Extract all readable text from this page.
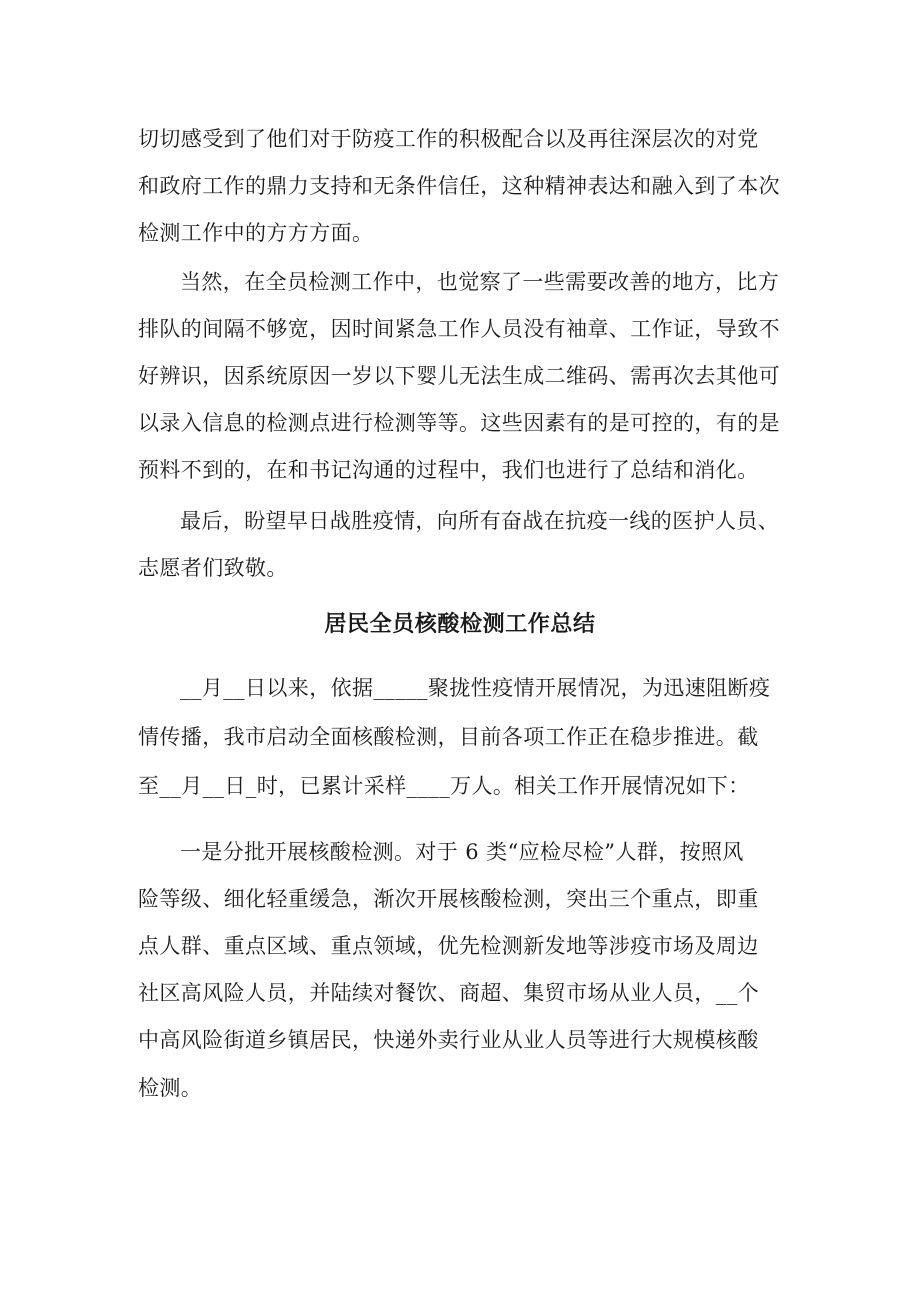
切切感受到了他们对于防疫工作的积极配合以及再往深层次的对党
和政府工作的鼎力支持和无条件信任，这种精神表达和融入到了本次
检测工作中的方方方面。
当然，在全员检测工作中，也觉察了一些需要改善的地方，比方
排队的间隔不够宽，因时间紧急工作人员没有袖章、工作证，导致不
好辨识，因系统原因一岁以下婴儿无法生成二维码、需再次去其他可
以录入信息的检测点进行检测等等。这些因素有的是可控的，有的是
预料不到的，在和书记沟通的过程中，我们也进行了总结和消化。
最后，盼望早日战胜疫情，向所有奋战在抗疫一线的医护人员、
志愿者们致敬。
居民全员核酸检测工作总结
__月__日以来，依据_____聚拢性疫情开展情况，为迅速阻断疫
情传播，我市启动全面核酸检测，目前各项工作正在稳步推进。截
至__月__日_时，已累计采样____万人。相关工作开展情况如下：
一是分批开展核酸检测。对于 6 类“应检尽检”人群，按照风
险等级、细化轻重缓急，渐次开展核酸检测，突出三个重点，即重
点人群、重点区域、重点领域，优先检测新发地等涉疫市场及周边
社区高风险人员，并陆续对餐饮、商超、集贸市场从业人员，__个
中高风险街道乡镇居民，快递外卖行业从业人员等进行大规模核酸
检测。
